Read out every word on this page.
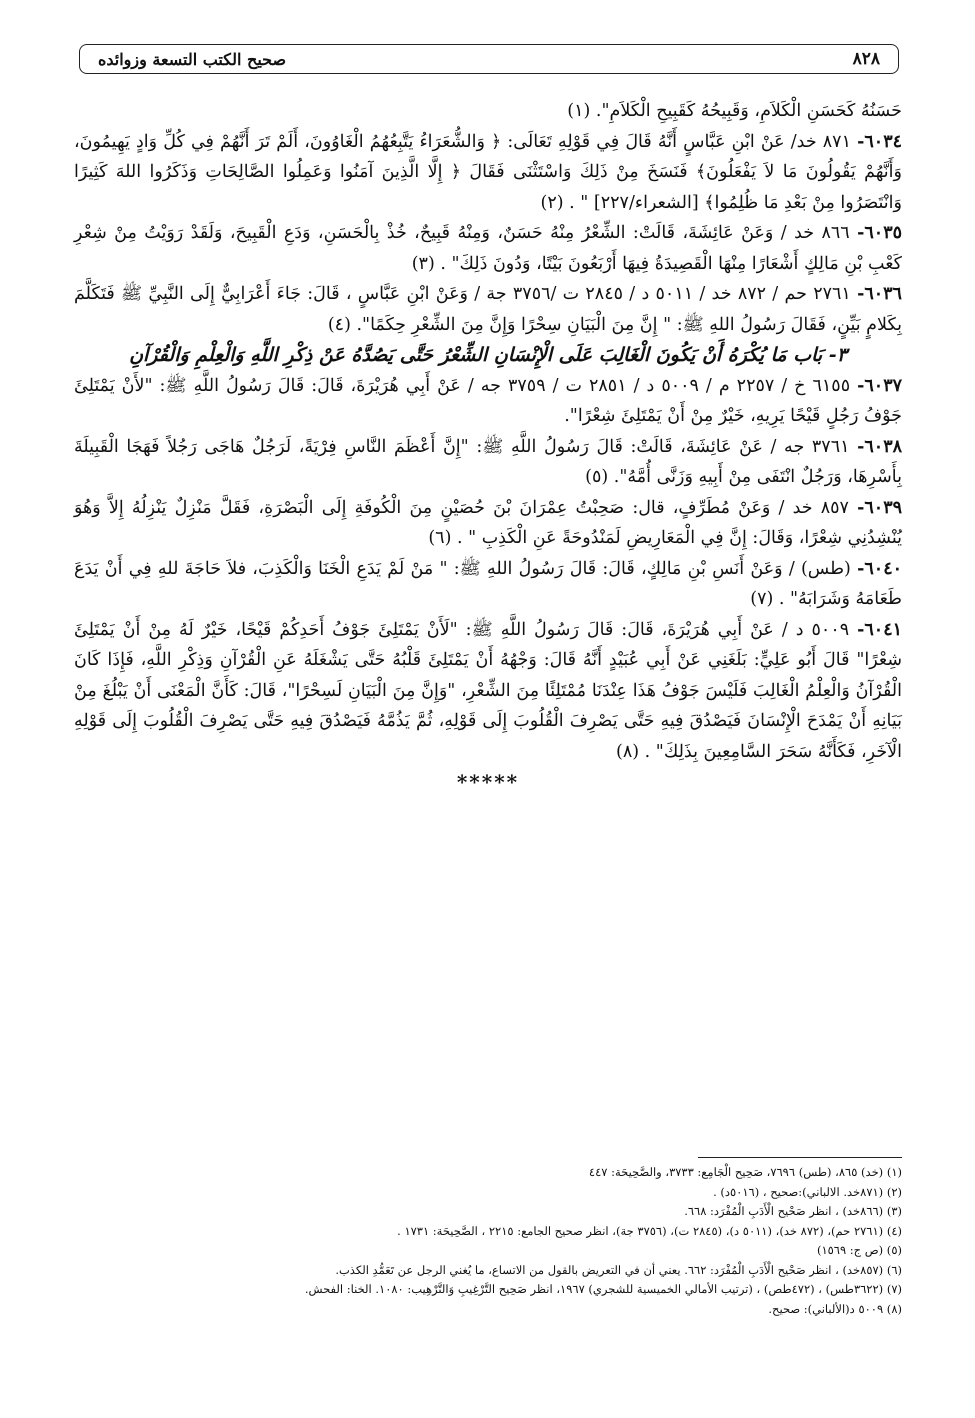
٨٢٨
صحيح الكتب التسعة وزوائده

حَسَنُهُ كَحَسَنِ الْكَلاَمِ، وَقَبِيحُهُ كَقَبِيحِ الْكَلاَمِ". (١)

٦٠٣٤- ٨٧١ خد/ عَنْ ابْنِ عَبَّاسٍ أَنَّهُ قَالَ فِي قَوْلِهِ تَعَالَى: ﴿ وَالشُّعَرَاءُ يَتَّبِعُهُمُ الْغَاوُونَ، أَلَمْ تَرَ أَنَّهُمْ فِي كُلِّ وَادٍ يَهِيمُونَ، وَأَنَّهُمْ يَقُولُونَ مَا لاَ يَفْعَلُونَ﴾ فَنَسَخَ مِنْ ذَلِكَ وَاسْتَثْنَى فَقَالَ ﴿ إِلَّا الَّذِينَ آمَنُوا وَعَمِلُوا الصَّالِحَاتِ وَذَكَرُوا اللهَ كَثِيرًا وَانْتَصَرُوا مِنْ بَعْدِ مَا ظُلِمُوا﴾ [الشعراء/٢٢٧] " . (٢)

٦٠٣٥- ٨٦٦ خد / وَعَنْ عَائِشَةَ، قَالَتْ: الشِّعْرُ مِنْهُ حَسَنٌ، وَمِنْهُ قَبِيحٌ، خُذْ بِالْحَسَنِ، وَدَعِ الْقَبِيحَ، وَلَقَدْ رَوَيْتُ مِنْ شِعْرِ كَعْبِ بْنِ مَالِكٍ أَشْعَارًا مِنْهَا الْقَصِيدَةُ فِيهَا أَرْبَعُونَ بَيْتًا، وَدُونَ ذَلِكَ" . (٣)

٦٠٣٦- ٢٧٦١ حم / ٨٧٢ خد / ٥٠١١ د / ٢٨٤٥ ت /٣٧٥٦ جة / وَعَنْ ابْنِ عَبَّاسٍ ، قَالَ: جَاءَ أَعْرَابِيٌّ إِلَى النَّبِيِّ ﷺ فَتَكَلَّمَ بِكَلامٍ بَيِّنٍ، فَقَالَ رَسُولُ اللهِ ﷺ: " إِنَّ مِنَ الْبَيَانِ سِحْرًا وَإِنَّ مِنَ الشِّعْرِ حِكَمًا". (٤)

٣- بَاب مَا يُكْرَهُ أَنْ يَكُونَ الْغَالِبَ عَلَى الْإِنْسَانِ الشِّعْرُ حَتَّى يَصُدَّهُ عَنْ ذِكْرِ اللَّهِ وَالْعِلْمِ وَالْقُرْآنِ

٦٠٣٧- ٦١٥٥ خ / ٢٢٥٧ م / ٥٠٠٩ د / ٢٨٥١ ت / ٣٧٥٩ جه / عَنْ أَبِي هُرَيْرَةَ، قَالَ: قَالَ رَسُولُ اللَّهِ ﷺ: "لأَنْ يَمْتَلِئَ جَوْفُ رَجُلٍ قَيْحًا يَرِيهِ، خَيْرٌ مِنْ أَنْ يَمْتَلِئَ شِعْرًا".

٦٠٣٨- ٣٧٦١ جه / عَنْ عَائِشَةَ، قَالَتْ: قَالَ رَسُولُ اللَّهِ ﷺ: "إِنَّ أَعْظَمَ النَّاسِ فِرْيَةً، لَرَجُلٌ هَاجَى رَجُلاً فَهَجَا الْقَبِيلَةَ بِأَسْرِهَا، وَرَجُلٌ انْتَفَى مِنْ أَبِيهِ وَزَنَّى أُمَّهُ". (٥)

٦٠٣٩- ٨٥٧ خد / وَعَنْ مُطَرِّفٍ، قال: صَحِبْتُ عِمْرَانَ بْنَ حُصَيْنٍ مِنَ الْكُوفَةِ إِلَى الْبَصْرَةِ، فَقَلَّ مَنْزِلٌ يَنْزِلُهُ إِلاَّ وَهُوَ يُنْشِدُنِي شِعْرًا، وَقَالَ: إِنَّ فِي الْمَعَارِيضِ لَمَنْدُوحَةً عَنِ الْكَذِبِ " . (٦)

٦٠٤٠- (طس) / وَعَنْ أَنَسِ بْنِ مَالِكٍ، قَالَ: قَالَ رَسُولُ اللهِ ﷺ: " مَنْ لَمْ يَدَعِ الْخَنَا وَالْكَذِبَ، فلاَ حَاجَةَ للهِ فِي أَنْ يَدَعَ طَعَامَهُ وَشَرَابَهُ" . (٧)

٦٠٤١- ٥٠٠٩ د / عَنْ أَبِي هُرَيْرَةَ، قَالَ: قَالَ رَسُولُ اللَّهِ ﷺ: "لَأَنْ يَمْتَلِئَ جَوْفُ أَحَدِكُمْ قَيْحًا، خَيْرٌ لَهُ مِنْ أَنْ يَمْتَلِئَ شِعْرًا" قَالَ أَبُو عَلِيٍّ: بَلَغَنِي عَنْ أَبِي عُبَيْدٍ أَنَّهُ قَالَ: وَجْهُهُ أَنْ يَمْتَلِئَ قَلْبُهُ حَتَّى يَشْغَلَهُ عَنِ الْقُرْآنِ وَذِكْرِ اللَّهِ، فَإِذَا كَانَ الْقُرْآنُ وَالْعِلْمُ الْغَالِبَ فَلَيْسَ جَوْفُ هَذَا عِنْدَنَا مُمْتَلِئًا مِنَ الشِّعْرِ، "وَإِنَّ مِنَ الْبَيَانِ لَسِحْرًا"، قَالَ: كَأَنَّ الْمَعْنَى أَنْ يَبْلُغَ مِنْ بَيَانِهِ أَنْ يَمْدَحَ الْإِنْسَانَ فَيَصْدُقَ فِيهِ حَتَّى يَصْرِفَ الْقُلُوبَ إِلَى قَوْلِهِ، ثُمَّ يَذُمَّهُ فَيَصْدُقَ فِيهِ حَتَّى يَصْرِفَ الْقُلُوبَ إِلَى قَوْلِهِ الْآخَرِ، فَكَأَنَّهُ سَحَرَ السَّامِعِينَ بِذَلِكَ" . (٨)

*****

(١) (خد) ٨٦٥، (طس) ٧٦٩٦، صَحِيح الْجَامِع: ٣٧٣٣، والصَّحِيحَة: ٤٤٧

(٢) (٨٧١خد. الالباني):صحيح ، (٥٠١٦د) .

(٣) (٨٦٦خد) ، انظر صَحْيح الْأَدَبِ الْمُفْرَد: ٦٦٨.

(٤) (٢٧٦١ حم)، (٨٧٢ خد)، (٥٠١١ د)، (٢٨٤٥ ت)، (٣٧٥٦ جة)، انظر صحيح الجامع: ٢٢١٥ ، الصَّحِيحَة: ١٧٣١ .

(٥) (ص ج: ١٥٦٩)

(٦) (٨٥٧خد) ، انظر صَحْيح الْأَدَبِ الْمُفْرَد: ٦٦٢. يعني أن في التعريض بالقول من الاتساع، ما يُغني الرجل عن تَعَمُّدِ الكذب.

(٧) (٣٦٢٢طس) ، (٤٧٢طص) ، (ترتيب الأمالي الخميسية للشجري) ١٩٦٧، انظر صَحِيح التَّرْغِيبِ وَالتَّرْهِيب: ١٠٨٠. الخنا: الفحش.

(٨) ٥٠٠٩ د(الألباني): صحيح.
